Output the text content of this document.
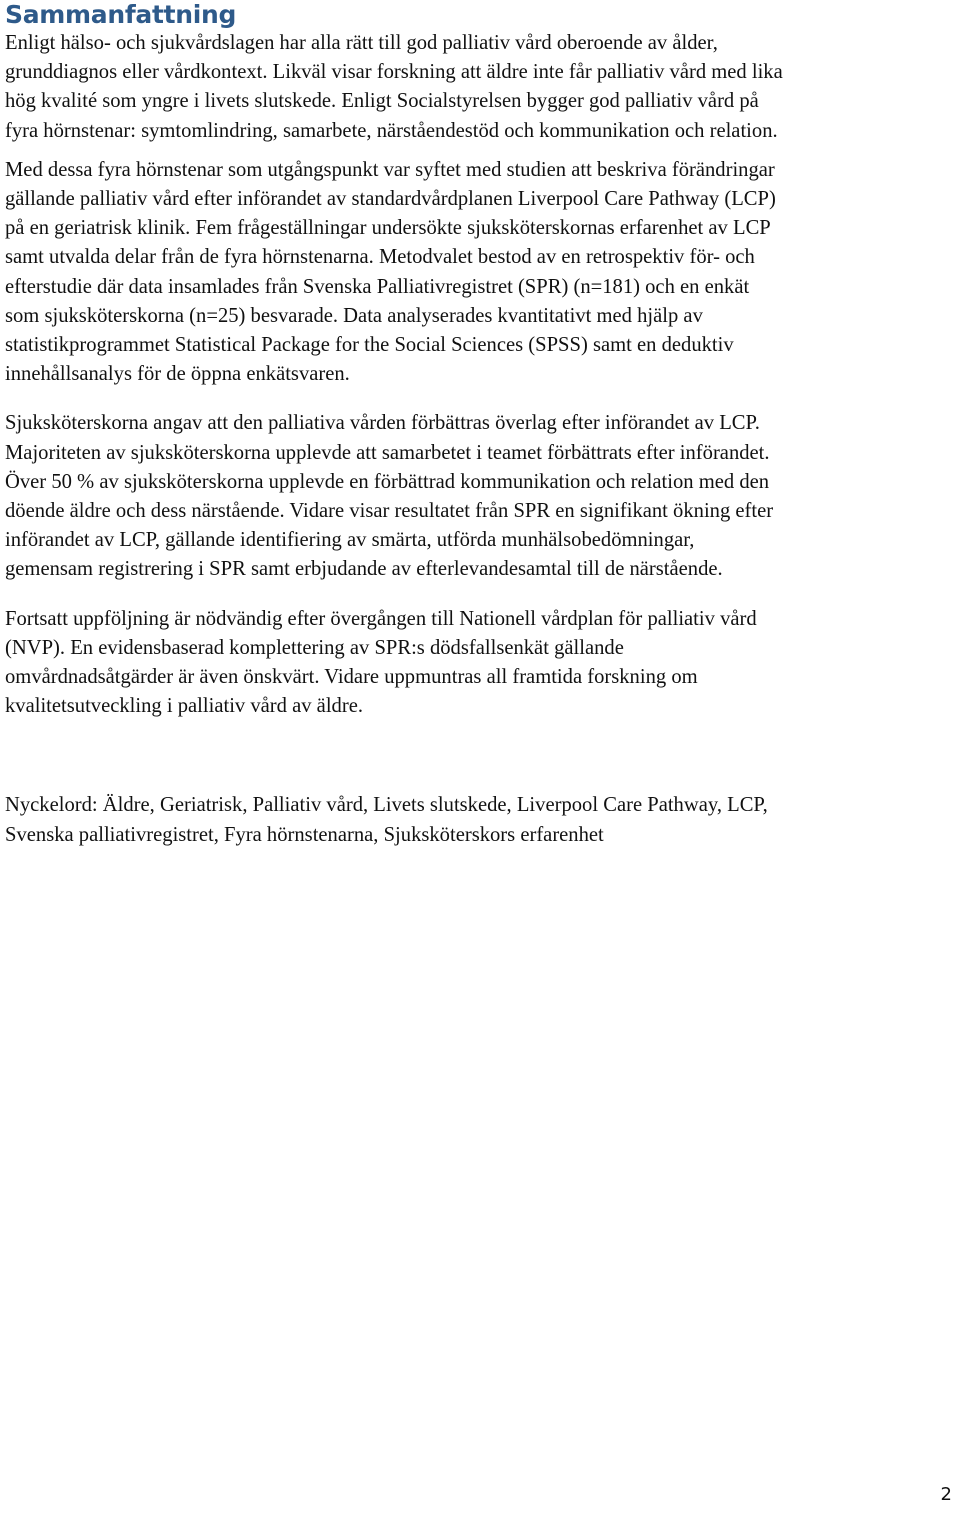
Sammanfattning

Enligt hälso- och sjukvårdslagen har alla rätt till god palliativ vård oberoende av ålder,
grunddiagnos eller vårdkontext. Likväl visar forskning att äldre inte får palliativ vård med lika
hög kvalité som yngre i livets slutskede. Enligt Socialstyrelsen bygger god palliativ vård på
fyra hörnstenar: symtomlindring, samarbete, närståendestöd och kommunikation och relation.

Med dessa fyra hörnstenar som utgångspunkt var syftet med studien att beskriva förändringar
gällande palliativ vård efter införandet av standardvårdplanen Liverpool Care Pathway (LCP)
på en geriatrisk klinik. Fem frågeställningar undersökte sjuksköterskornas erfarenhet av LCP
samt utvalda delar från de fyra hörnstenarna. Metodvalet bestod av en retrospektiv för- och
efterstudie där data insamlades från Svenska Palliativregistret (SPR) (n=181) och en enkät
som sjuksköterskorna (n=25) besvarade. Data analyserades kvantitativt med hjälp av
statistikprogrammet Statistical Package for the Social Sciences (SPSS) samt en deduktiv
innehållsanalys för de öppna enkätsvaren.

Sjuksköterskorna angav att den palliativa vården förbättras överlag efter införandet av LCP.
Majoriteten av sjuksköterskorna upplevde att samarbetet i teamet förbättrats efter införandet.
Över 50 % av sjuksköterskorna upplevde en förbättrad kommunikation och relation med den
döende äldre och dess närstående. Vidare visar resultatet från SPR en signifikant ökning efter
införandet av LCP, gällande identifiering av smärta, utförda munhälsobedömningar,
gemensam registrering i SPR samt erbjudande av efterlevandesamtal till de närstående.

Fortsatt uppföljning är nödvändig efter övergången till Nationell vårdplan för palliativ vård
(NVP). En evidensbaserad komplettering av SPR:s dödsfallsenkät gällande
omvårdnadsåtgärder är även önskvärt. Vidare uppmuntras all framtida forskning om
kvalitetsutveckling i palliativ vård av äldre.

Nyckelord: Äldre, Geriatrisk, Palliativ vård, Livets slutskede, Liverpool Care Pathway, LCP,
Svenska palliativregistret, Fyra hörnstenarna, Sjuksköterskors erfarenhet

2
